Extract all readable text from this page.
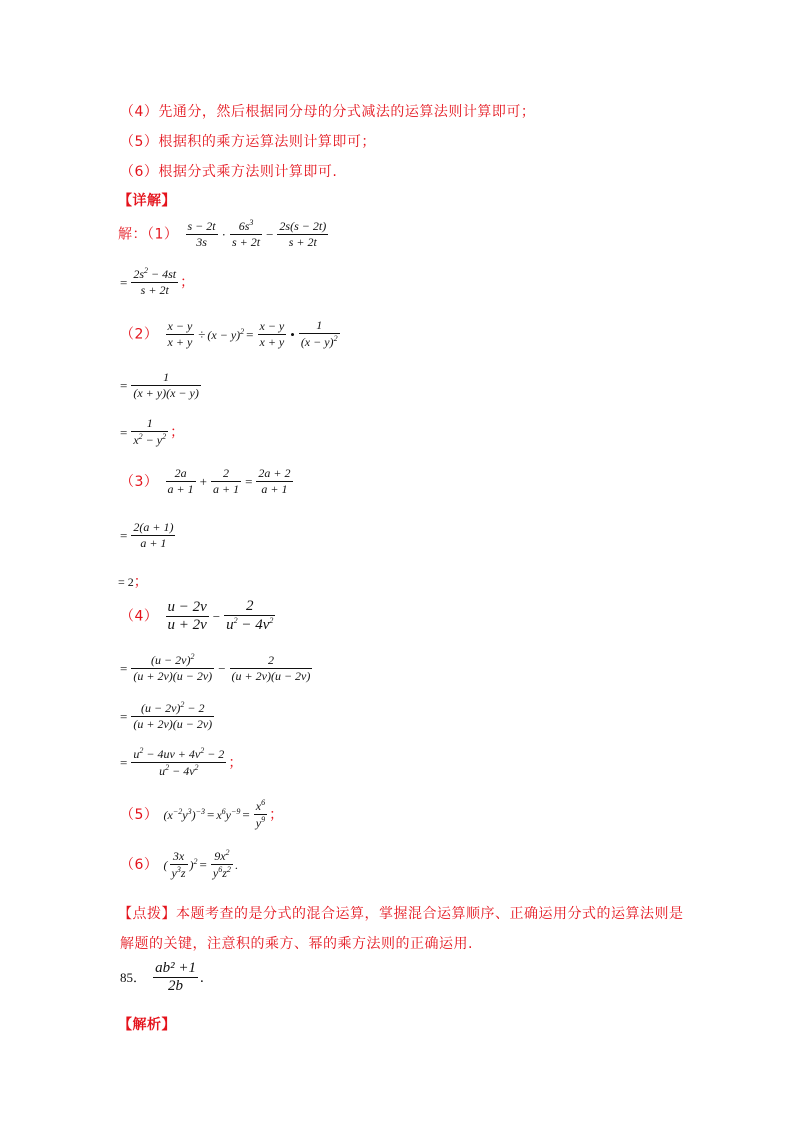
（4）先通分，然后根据同分母的分式减法的运算法则计算即可；
（5）根据积的乘方运算法则计算即可；
（6）根据分式乘方法则计算即可.
【详解】
解：$(1) \frac{s - 2t}{3s} \cdot \frac{6s^3}{s + 2t} - \frac{2s(s - 2t)}{s + 2t}$
= $\frac{2s^2 - 4st}{s + 2t}$ ；
$(2) \frac{x - y}{x + y} \div (x - y)^2 = \frac{x - y}{x + y}$ • $\frac{1}{(x - y)^2}$
= $\frac{1}{(x + y)(x - y)}$
= $\frac{1}{x^2 - y^2}$ ；
$(3) \frac{2a}{a + 1} + \frac{2}{a + 1} = \frac{2a + 2}{a + 1}$
= $\frac{2(a + 1)}{a + 1}$
= 2；
$(4) \frac{u - 2v}{u + 2v} - \frac{2}{u^2 - 4v^2}$
= $\frac{(u - 2v)^2}{(u + 2v)(u - 2v)} - \frac{2}{(u + 2v)(u - 2v)}$
= $\frac{(u - 2v)^2 - 2}{(u + 2v)(u - 2v)}$
= $\frac{u^2 - 4uv + 4v^2 - 2}{u^2 - 4v^2}$ ；
（5） $(x^{-2}y^3)^{-3} = x^6y^{-9} = \frac{x^6}{y^9}$ ；
（6） ( $\frac{3x}{y^3z} )^2 = \frac{9x^2}{y^6z^2}$ .
【点拨】本题考查的是分式的混合运算，掌握混合运算顺序、正确运用分式的运算法则是
解题的关键，注意积的乘方、幂的乘方法则的正确运用.
85． $\frac{\text{ab² +1}}{2b}$ .
【解析】
